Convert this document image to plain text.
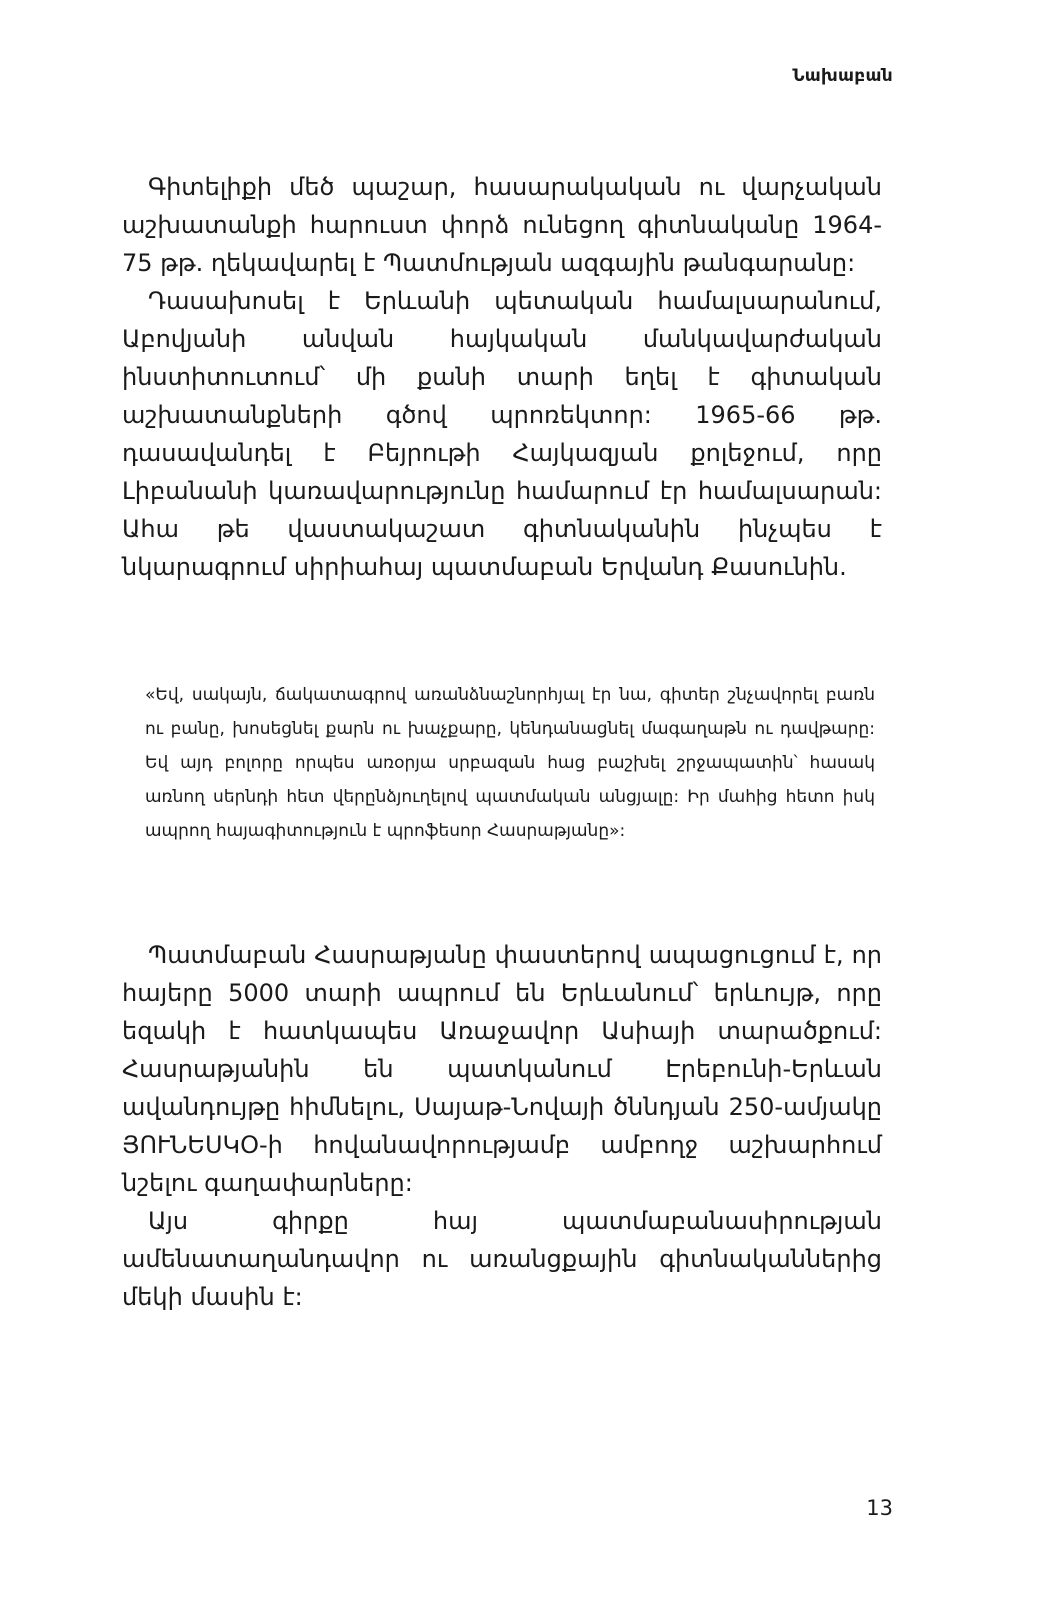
Նախաբան

Գիտելիքի մեծ պաշար, հասարակական ու վարչական աշխատանքի հարուստ փորձ ունեցող գիտնականը 1964-75 թթ. ղեկավարել է Պատմության ազգային թանգարանը:

Դասախոսել է Երևանի պետական համալսարանում, Աբովյանի անվան հայկական մանկավարժական ինստիտուտում՝ մի քանի տարի եղել է գիտական աշխատանքների գծով պրոռեկտոր: 1965-66 թթ. դասավանդել է Բեյրութի Հայկազյան քոլեջում, որը Լիբանանի կառավարությունը համարում էր համալսարան: Ահա թե վաստակաշատ գիտնականին ինչպես է նկարագրում սիրիահայ պատմաբան Երվանդ Քասունին.

«Եվ, սակայն, ճակատագրով առանձնաշնորհյալ էր նա, գիտեր շնչավորել բառն ու բանը, խոսեցնել քարն ու խաչքարը, կենդանացնել մագաղաթն ու դավթարը: Եվ այդ բոլորը որպես առօրյա սրբազան հաց բաշխել շրջապատին՝ հասակ առնող սերնդի հետ վերընձյուղելով պատմական անցյալը: Իր մահից հետո իսկ ապրող հայագիտություն է պրոֆեսոր Հասրաթյանը»:

Պատմաբան Հասրաթյանը փաստերով ապացուցում է, որ հայերը 5000 տարի ապրում են Երևանում՝ երևույթ, որը եզակի է հատկապես Առաջավոր Ասիայի տարածքում: Հասրաթյանին են պատկանում Էրեբունի-Երևան ավանդույթը հիմնելու, Սայաթ-Նովայի ծննդյան 250-ամյակը ՅՈՒՆԵՍԿՕ-ի հովանավորությամբ ամբողջ աշխարհում նշելու գաղափարները:

Այս գիրքը հայ պատմաբանասիրության ամենատաղանդավոր ու առանցքային գիտնականներից մեկի մասին է:

13
